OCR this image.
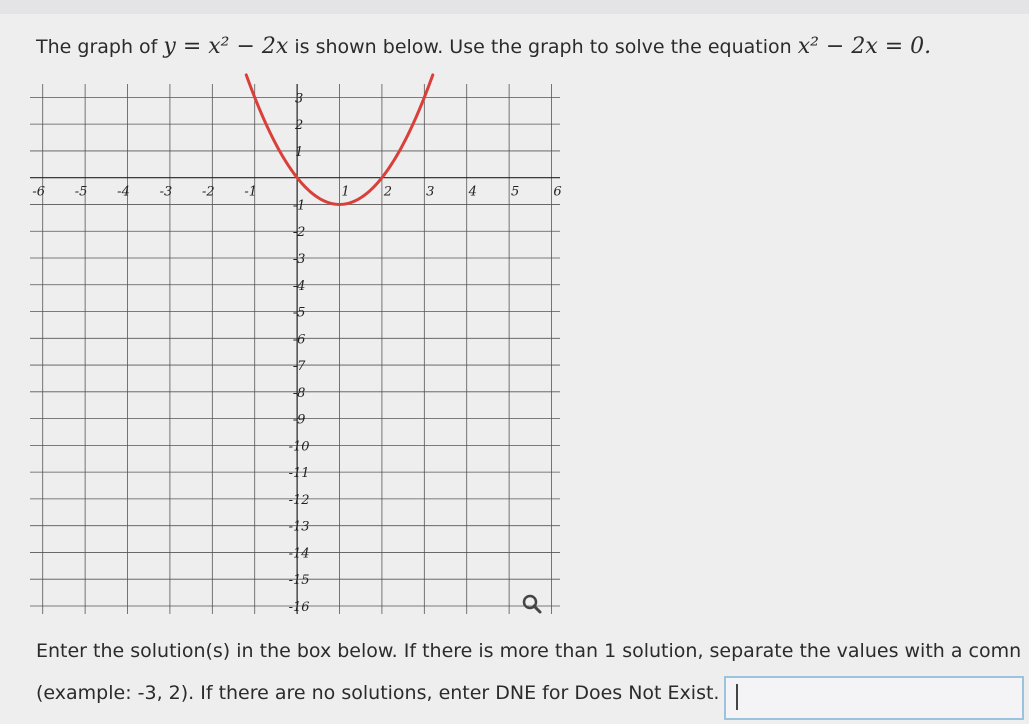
The graph of y = x² − 2x is shown below. Use the graph to solve the equation x² − 2x = 0.
-6 -5 -4 -3 -2 -1	1	2	3	4	5	6
3
2
1
-1
-2
-3
-4
-5
-6
-7
-8
-9
-10
-11
-12
-13
-14
-15
-16
Enter the solution(s) in the box below. If there is more than 1 solution, separate the values with a comn
(example: -3, 2). If there are no solutions, enter DNE for Does Not Exist.
